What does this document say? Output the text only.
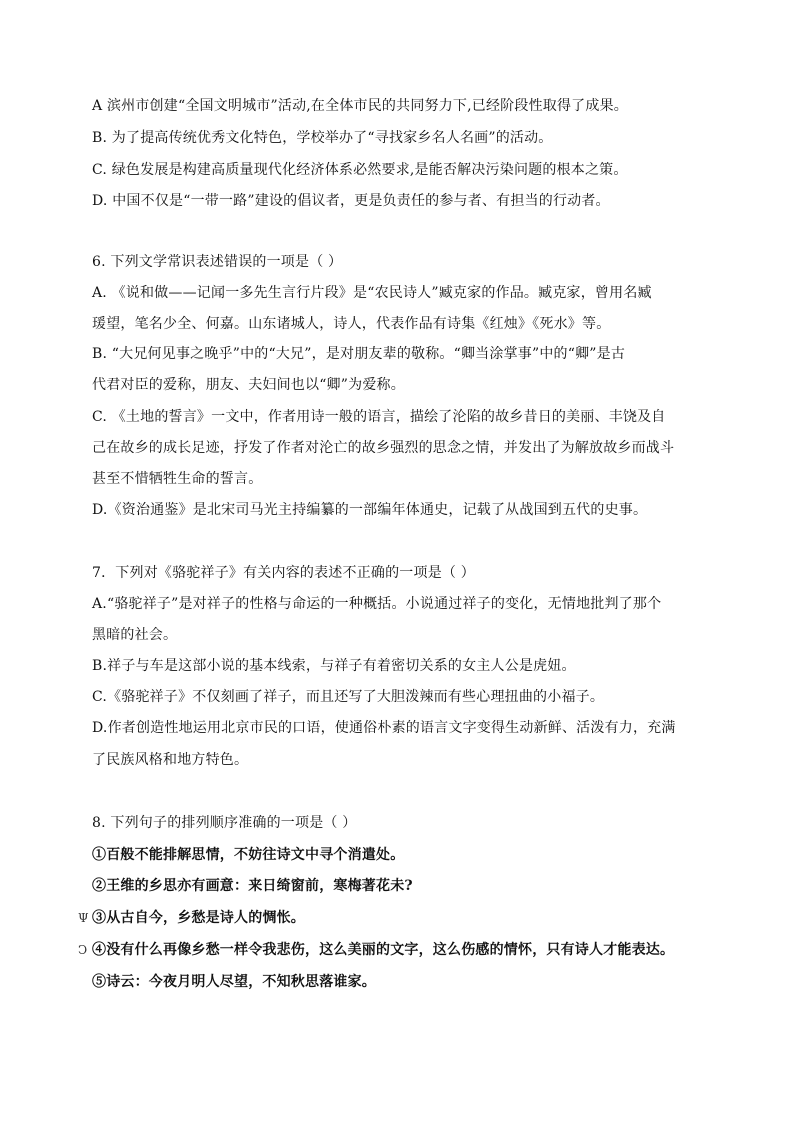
A 滨州市创建“全国文明城市”活动,在全体市民的共同努力下,已经阶段性取得了成果。
B. 为了提高传统优秀文化特色，学校举办了“寻找家乡名人名画”的活动。
C. 绿色发展是构建高质量现代化经济体系必然要求,是能否解决污染问题的根本之策。
D. 中国不仅是“一带一路”建设的倡议者，更是负责任的参与者、有担当的行动者。
6. 下列文学常识表述错误的一项是（ ）
A. 《说和做——记闻一多先生言行片段》是“农民诗人”臧克家的作品。臧克家，曾用名臧
瑗望，笔名少全、何嘉。山东诸城人，诗人，代表作品有诗集《红烛》《死水》等。
B. “大兄何见事之晚乎”中的“大兄”，是对朋友辈的敬称。“卿当涂掌事”中的“卿”是古
代君对臣的爱称，朋友、夫妇间也以“卿”为爱称。
C. 《土地的誓言》一文中，作者用诗一般的语言，描绘了沦陷的故乡昔日的美丽、丰饶及自
己在故乡的成长足迹，抒发了作者对沦亡的故乡强烈的思念之情，并发出了为解放故乡而战斗
甚至不惜牺牲生命的誓言。
D.《资治通鉴》是北宋司马光主持编纂的一部编年体通史，记载了从战国到五代的史事。
7．下列对《骆驼祥子》有关内容的表述不正确的一项是（ ）
A.“骆驼祥子”是对祥子的性格与命运的一种概括。小说通过祥子的变化，无情地批判了那个
黑暗的社会。
B.祥子与车是这部小说的基本线索，与祥子有着密切关系的女主人公是虎妞。
C.《骆驼祥子》不仅刻画了祥子，而且还写了大胆泼辣而有些心理扭曲的小福子。
D.作者创造性地运用北京市民的口语，使通俗朴素的语言文字变得生动新鲜、活泼有力，充满
了民族风格和地方特色。
8. 下列句子的排列顺序准确的一项是（ ）
①百般不能排解思情，不妨往诗文中寻个消遣处。
②王维的乡思亦有画意：来日绮窗前，寒梅著花未?
③从古自今，乡愁是诗人的惆怅。
④没有什么再像乡愁一样令我悲伤，这么美丽的文字，这么伤感的情怀，只有诗人才能表达。
⑤诗云：今夜月明人尽望，不知秋思落谁家。
Ψ
Ↄ
